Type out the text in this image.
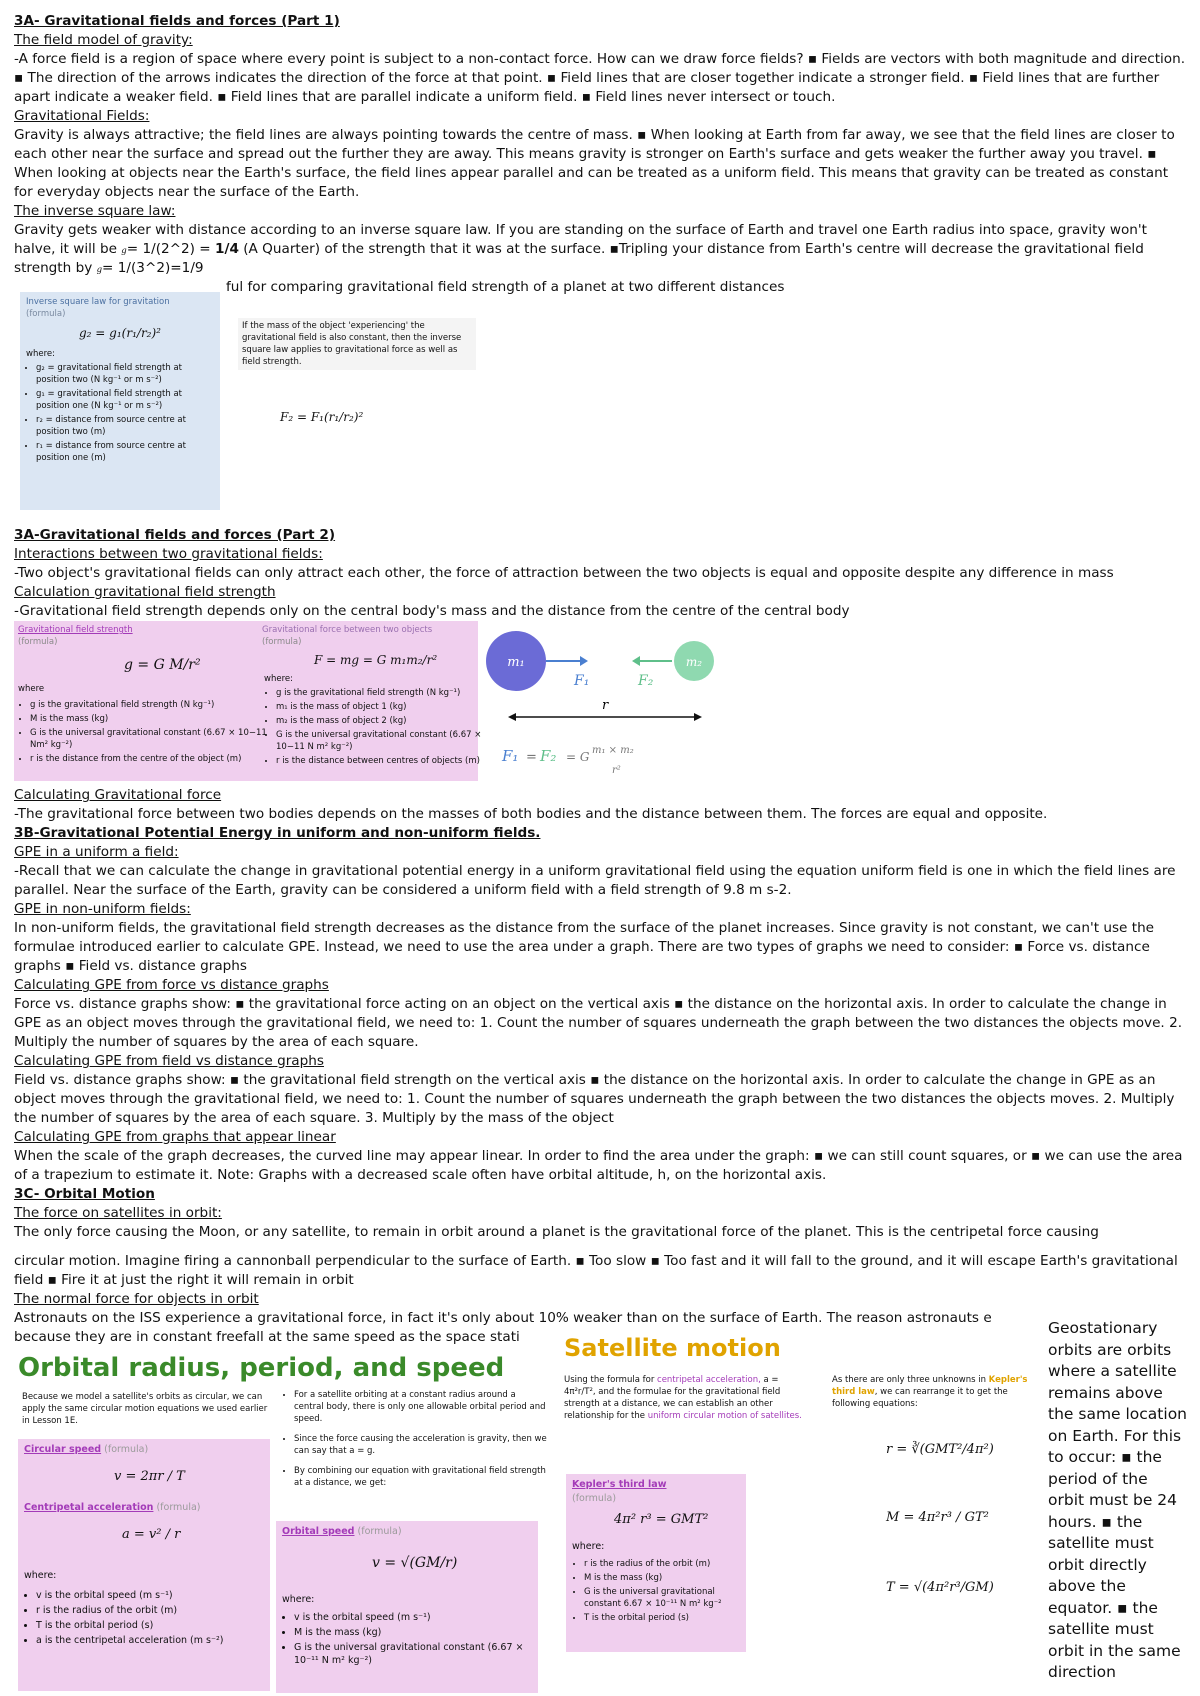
3A- Gravitational fields and forces (Part 1)

The field model of gravity:

-A force field is a region of space where every point is subject to a non-contact force. How can we draw force fields? ▪ Fields are vectors with both magnitude and direction. ▪ The direction of the arrows indicates the direction of the force at that point. ▪ Field lines that are closer together indicate a stronger field. ▪ Field lines that are further apart indicate a weaker field. ▪ Field lines that are parallel indicate a uniform field. ▪ Field lines never intersect or touch.

Gravitational Fields:

Gravity is always attractive; the field lines are always pointing towards the centre of mass. ▪ When looking at Earth from far away, we see that the field lines are closer to each other near the surface and spread out the further they are away. This means gravity is stronger on Earth's surface and gets weaker the further away you travel. ▪ When looking at objects near the Earth's surface, the field lines appear parallel and can be treated as a uniform field. This means that gravity can be treated as constant for everyday objects near the surface of the Earth.

The inverse square law:

Gravity gets weaker with distance according to an inverse square law. If you are standing on the surface of Earth and travel one Earth radius into space, gravity won't halve, it will be g= 1/(2^2) = 1/4 (A Quarter) of the strength that it was at the surface. ▪Tripling your distance from Earth's centre will decrease the gravitational field strength by g= 1/(3^2)=1/9

ful for comparing gravitational field strength of a planet at two different distances

Inverse square law for gravitation
(formula)
g₂ = g₁(r₁/r₂)²
where:
• g₂ = gravitational field strength at position two (N kg⁻¹ or m s⁻²)
• g₁ = gravitational field strength at position one (N kg⁻¹ or m s⁻²)
• r₂ = distance from source centre at position two (m)
• r₁ = distance from source centre at position one (m)
If the mass of the object 'experiencing' the gravitational field is also constant, then the inverse square law applies to gravitational force as well as field strength.
F₂ = F₁(r₁/r₂)²

3A-Gravitational fields and forces (Part 2)

Interactions between two gravitational fields:

-Two object's gravitational fields can only attract each other, the force of attraction between the two objects is equal and opposite despite any difference in mass

Calculation gravitational field strength

-Gravitational field strength depends only on the central body's mass and the distance from the centre of the central body

Gravitational field strength
(formula)
g = G M/r²
where
• g is the gravitational field strength (N kg⁻¹)
• M is the mass (kg)
• G is the universal gravitational constant (6.67 × 10−11 Nm² kg⁻²)
• r is the distance from the centre of the object (m)
Gravitational force between two objects
(formula)
F = mg = G m₁m₂/r²
where:
• g is the gravitational field strength (N kg⁻¹)
• m₁ is the mass of object 1 (kg)
• m₂ is the mass of object 2 (kg)
• G is the universal gravitational constant (6.67 × 10−11 N m² kg⁻²)
• r is the distance between centres of objects (m)
m₁
F₁
m₂
F₂
r
F₁ = F₂ = G m₁ × m₂
r²

Calculating Gravitational force

-The gravitational force between two bodies depends on the masses of both bodies and the distance between them. The forces are equal and opposite.

3B-Gravitational Potential Energy in uniform and non-uniform fields.

GPE in a uniform a field:

-Recall that we can calculate the change in gravitational potential energy in a uniform gravitational field using the equation uniform field is one in which the field lines are parallel. Near the surface of the Earth, gravity can be considered a uniform field with a field strength of 9.8 m s-2.

GPE in non-uniform fields:

In non-uniform fields, the gravitational field strength decreases as the distance from the surface of the planet increases. Since gravity is not constant, we can't use the formulae introduced earlier to calculate GPE. Instead, we need to use the area under a graph. There are two types of graphs we need to consider: ▪ Force vs. distance graphs ▪ Field vs. distance graphs

Calculating GPE from force vs distance graphs

Force vs. distance graphs show: ▪ the gravitational force acting on an object on the vertical axis ▪ the distance on the horizontal axis. In order to calculate the change in GPE as an object moves through the gravitational field, we need to: 1. Count the number of squares underneath the graph between the two distances the objects move. 2. Multiply the number of squares by the area of each square.

Calculating GPE from field vs distance graphs

Field vs. distance graphs show: ▪ the gravitational field strength on the vertical axis ▪ the distance on the horizontal axis. In order to calculate the change in GPE as an object moves through the gravitational field, we need to: 1. Count the number of squares underneath the graph between the two distances the objects moves. 2. Multiply the number of squares by the area of each square. 3. Multiply by the mass of the object

Calculating GPE from graphs that appear linear

When the scale of the graph decreases, the curved line may appear linear. In order to find the area under the graph: ▪ we can still count squares, or ▪ we can use the area of a trapezium to estimate it. Note: Graphs with a decreased scale often have orbital altitude, h, on the horizontal axis.

3C- Orbital Motion

The force on satellites in orbit:

The only force causing the Moon, or any satellite, to remain in orbit around a planet is the gravitational force of the planet. This is the centripetal force causing

circular motion. Imagine firing a cannonball perpendicular to the surface of Earth. ▪ Too slow ▪ Too fast and it will fall to the ground, and it will escape Earth's gravitational field ▪ Fire it at just the right it will remain in orbit

The normal force for objects in orbit

Astronauts on the ISS experience a gravitational force, in fact it's only about 10% weaker than on the surface of Earth. The reason astronauts e

because they are in constant freefall at the same speed as the space stati	Geostationary orbits are orbits where a satellite remains above the same location on Earth. For this to occur: ▪ the period of the orbit must be 24 hours. ▪ the satellite must orbit directly above the equator. ▪ the satellite must orbit in the same direction
Orbital radius, period, and speed
Because we model a satellite's orbits as circular, we can apply the same circular motion equations we used earlier in Lesson 1E.
Circular speed (formula)
v = 2πr / T
Centripetal acceleration (formula)
a = v² / r
where:
• v is the orbital speed (m s⁻¹)
• r is the radius of the orbit (m)
• T is the orbital period (s)
• a is the centripetal acceleration (m s⁻²)
• For a satellite orbiting at a constant radius around a central body, there is only one allowable orbital period and speed.
• Since the force causing the acceleration is gravity, then we can say that a = g.
• By combining our equation with gravitational field strength at a distance, we get:
Orbital speed (formula)
v = √(GM/r)
where:
• v is the orbital speed (m s⁻¹)
• M is the mass (kg)
• G is the universal gravitational constant (6.67 × 10⁻¹¹ N m² kg⁻²)
Satellite motion
Using the formula for centripetal acceleration, a = 4π²r/T², and the formulae for the gravitational field strength at a distance, we can establish an other relationship for the uniform circular motion of satellites.
Kepler's third law
(formula)
4π² r³ = GMT²
where:
• r is the radius of the orbit (m)
• M is the mass (kg)
• G is the universal gravitational constant 6.67 × 10⁻¹¹ N m² kg⁻²
• T is the orbital period (s)
As there are only three unknowns in Kepler's third law, we can rearrange it to get the following equations:
r = ∛(GMT²/4π²)
M = 4π²r³ / GT²
T = √(4π²r³/GM)
